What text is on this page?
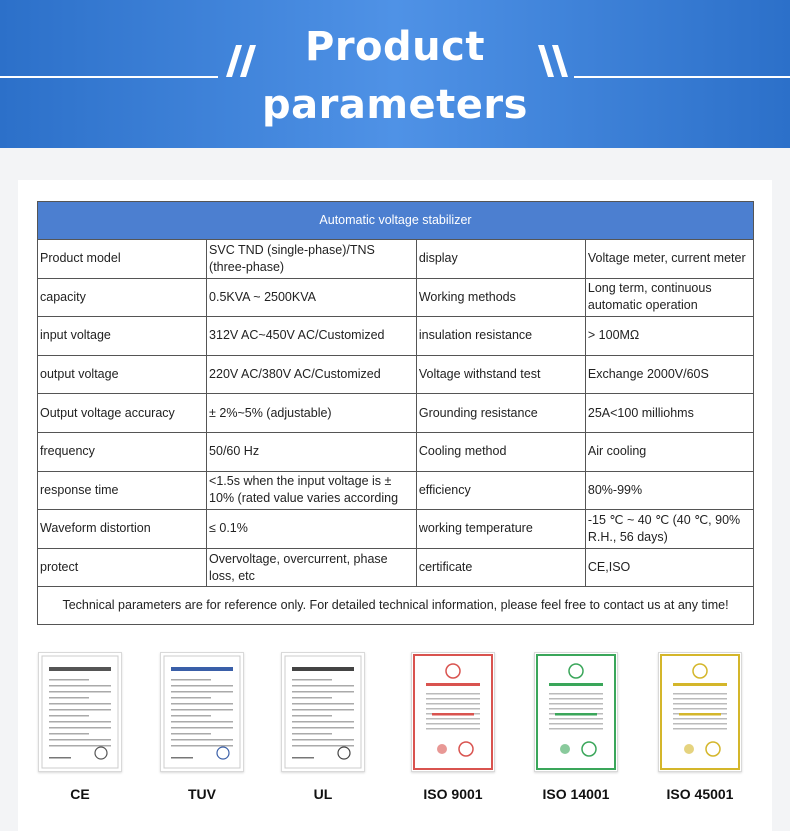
Product
parameters
Automatic voltage stabilizer			

Product model	SVC TND (single-phase)/TNS (three-phase)	display	Voltage meter, current meter

capacity	0.5KVA ~ 2500KVA	Working methods	Long term, continuous automatic operation

input voltage	312V AC~450V AC/Customized	insulation resistance	> 100MΩ

output voltage	220V AC/380V AC/Customized	Voltage withstand test	Exchange 2000V/60S

Output voltage accuracy	± 2%~5% (adjustable)	Grounding resistance	25A<100 milliohms

frequency	50/60 Hz	Cooling method	Air cooling

response time	<1.5s when the input voltage is ± 10% (rated value varies according	efficiency	80%-99%

Waveform distortion	≤ 0.1%	working temperature	-15 ℃ ~ 40 ℃ (40 ℃, 90% R.H., 56 days)

protect	Overvoltage, overcurrent, phase loss, etc	certificate	CE,ISO

Technical parameters are for reference only. For detailed technical information, please feel free to contact us at any time!			
CE	TUV	UL	ISO 9001	ISO 14001	ISO 45001
